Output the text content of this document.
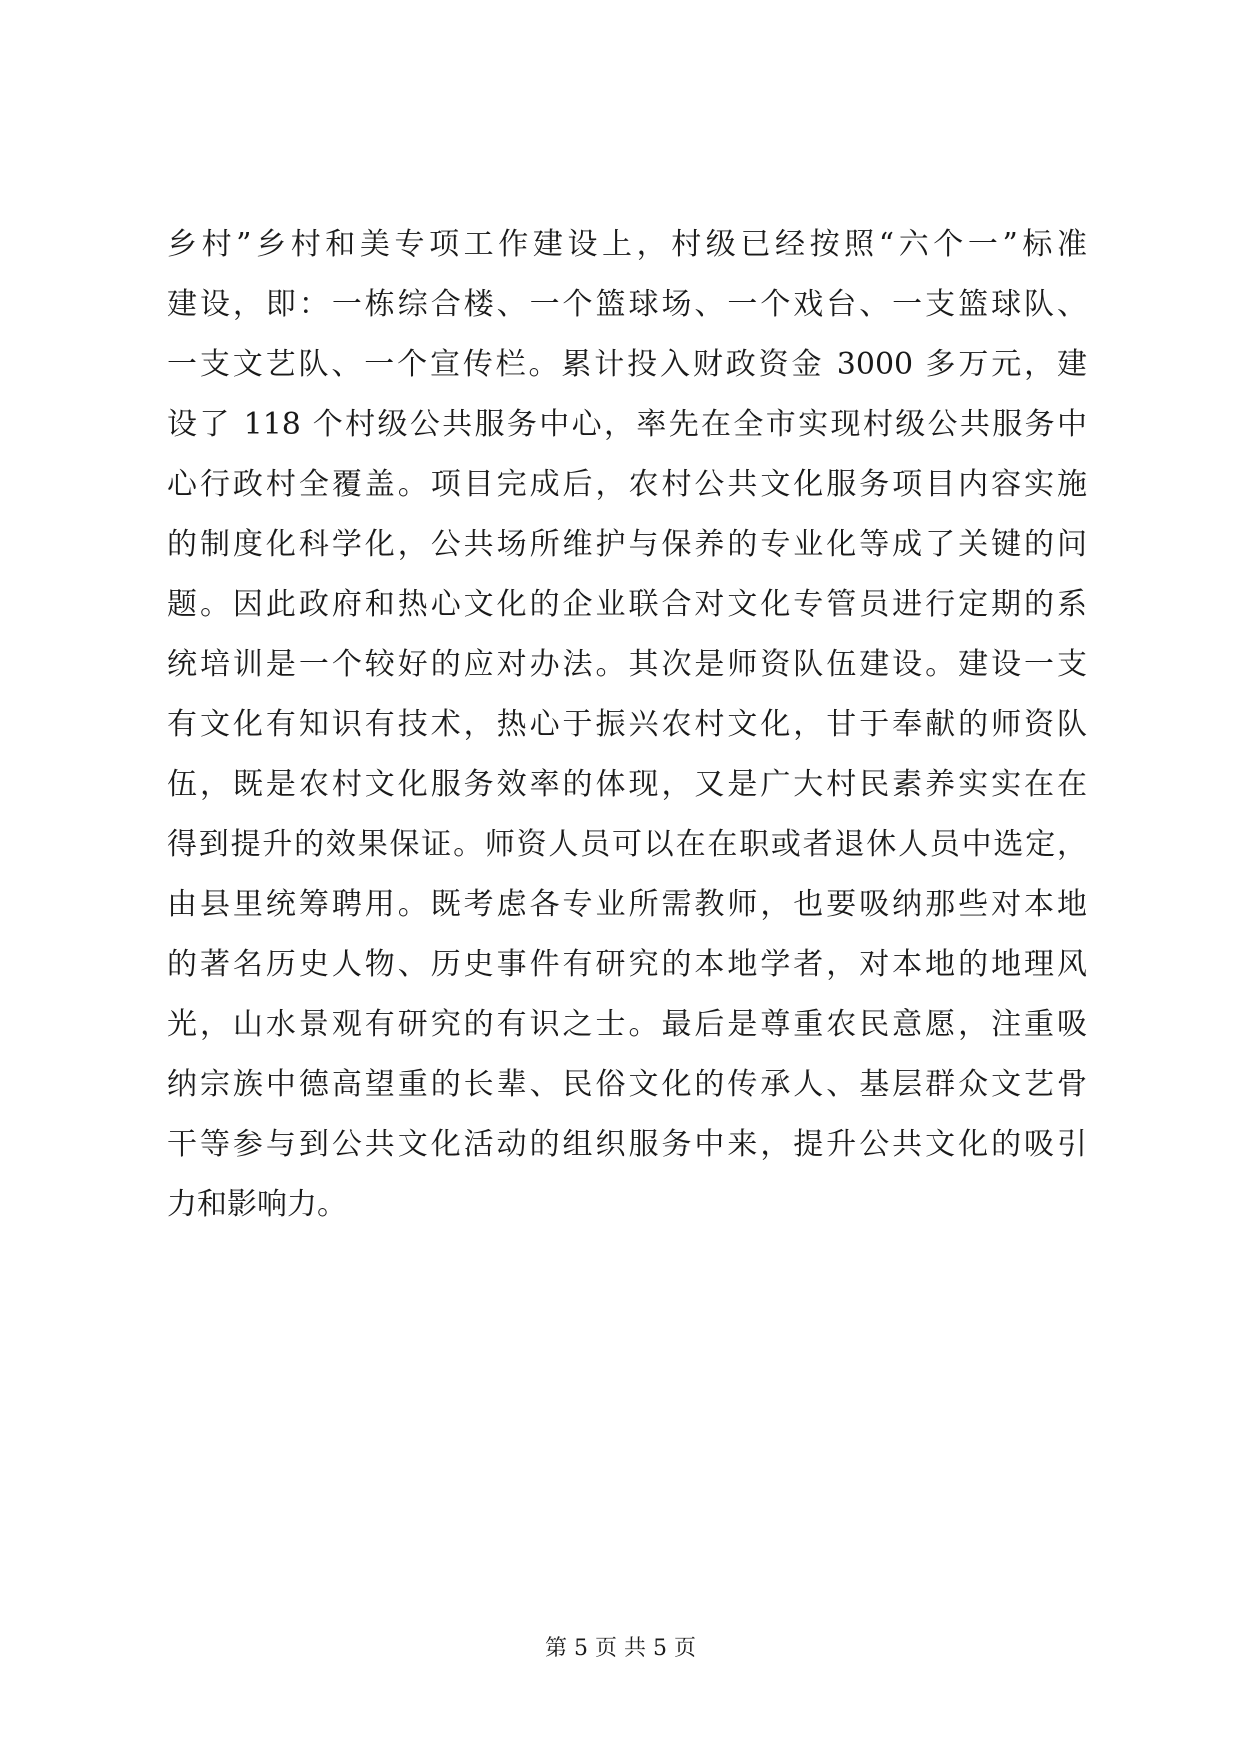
乡村”乡村和美专项工作建设上，村级已经按照“六个一”标准
建设，即：一栋综合楼、一个篮球场、一个戏台、一支篮球队、
一支文艺队、一个宣传栏。累计投入财政资金 3000 多万元，建
设了 118 个村级公共服务中心，率先在全市实现村级公共服务中
心行政村全覆盖。项目完成后，农村公共文化服务项目内容实施
的制度化科学化，公共场所维护与保养的专业化等成了关键的问
题。因此政府和热心文化的企业联合对文化专管员进行定期的系
统培训是一个较好的应对办法。其次是师资队伍建设。建设一支
有文化有知识有技术，热心于振兴农村文化，甘于奉献的师资队
伍，既是农村文化服务效率的体现，又是广大村民素养实实在在
得到提升的效果保证。师资人员可以在在职或者退休人员中选定，
由县里统筹聘用。既考虑各专业所需教师，也要吸纳那些对本地
的著名历史人物、历史事件有研究的本地学者，对本地的地理风
光，山水景观有研究的有识之士。最后是尊重农民意愿，注重吸
纳宗族中德高望重的长辈、民俗文化的传承人、基层群众文艺骨
干等参与到公共文化活动的组织服务中来，提升公共文化的吸引
力和影响力。
第 5 页 共 5 页
